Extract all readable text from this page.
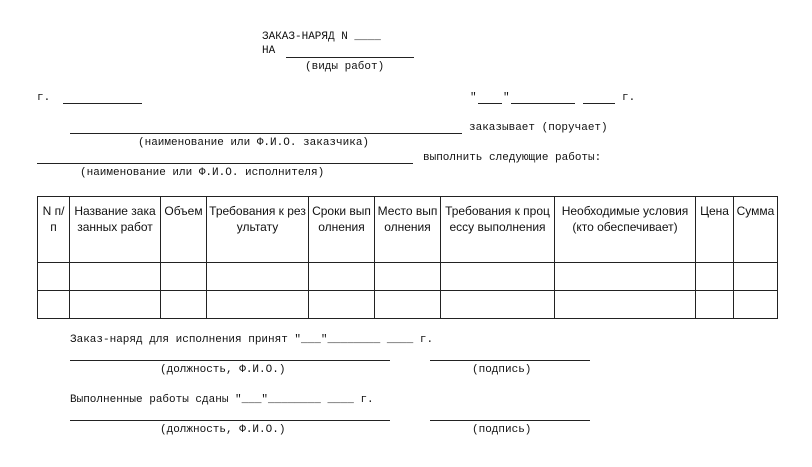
ЗАКАЗ-НАРЯД N ____
НА
(виды работ)
г.	" "	г.
заказывает (поручает)
(наименование или Ф.И.О. заказчика)
выполнить следующие работы:
(наименование или Ф.И.О. исполнителя)
N п/п	Название заказанных работ	Объем	Требования к результату	Сроки выполнения	Место выполнения	Требования к процессу выполнения	Необходимые условия (кто обеспечивает)	Цена	Сумма

Заказ-наряд для исполнения принят "___"________ ____ г.
(должность, Ф.И.О.)	(подпись)
Выполненные работы сданы "___"________ ____ г.
(должность, Ф.И.О.)	(подпись)
